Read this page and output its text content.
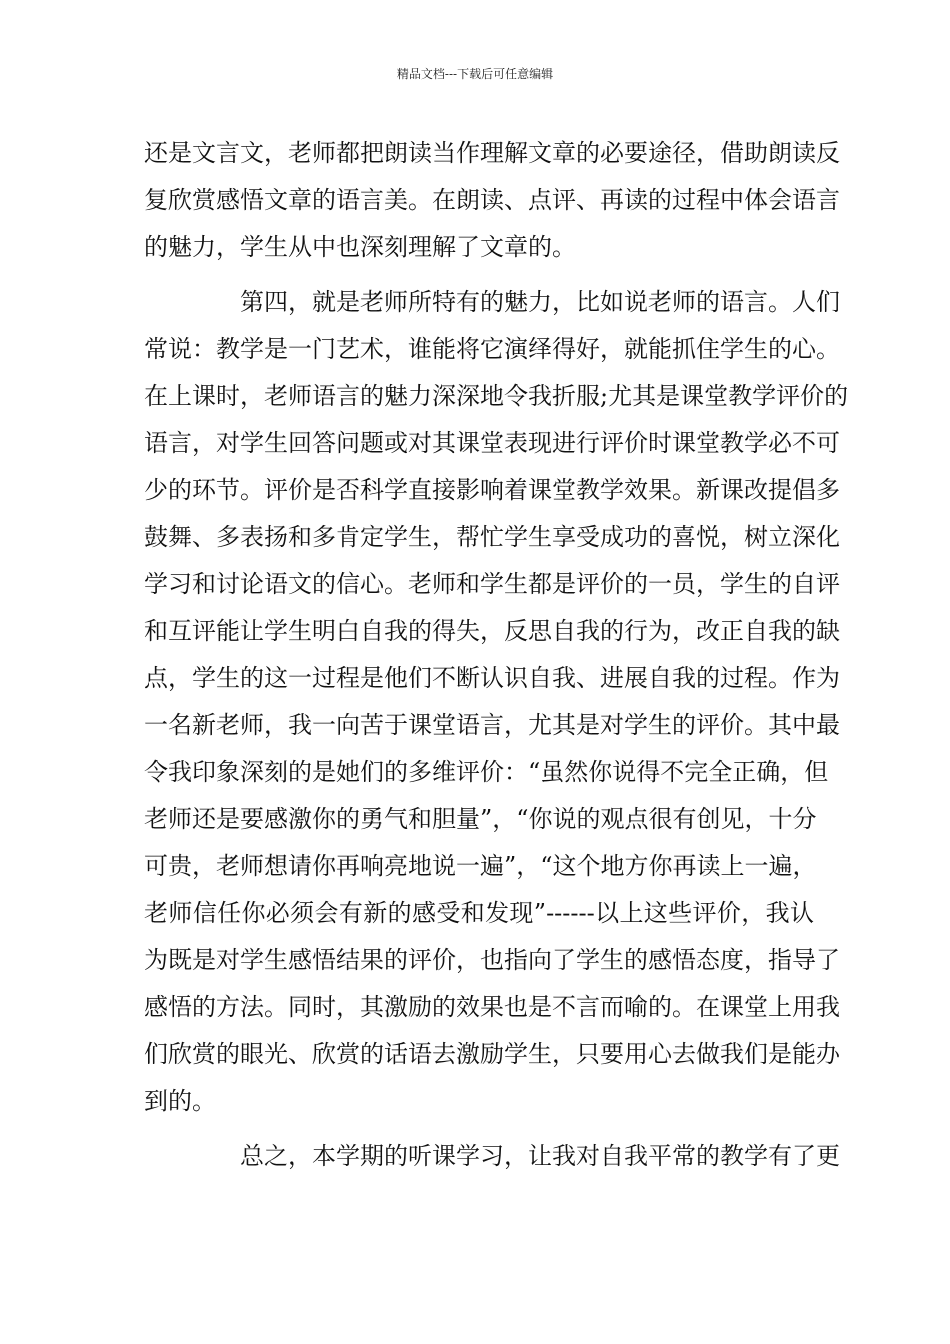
精品文档---下载后可任意编辑
还是文言文，老师都把朗读当作理解文章的必要途径，借助朗读反
复欣赏感悟文章的语言美。在朗读、点评、再读的过程中体会语言
的魅力，学生从中也深刻理解了文章的。
第四，就是老师所特有的魅力，比如说老师的语言。人们
常说：教学是一门艺术，谁能将它演绎得好，就能抓住学生的心。
在上课时，老师语言的魅力深深地令我折服;尤其是课堂教学评价的
语言，对学生回答问题或对其课堂表现进行评价时课堂教学必不可
少的环节。评价是否科学直接影响着课堂教学效果。新课改提倡多
鼓舞、多表扬和多肯定学生，帮忙学生享受成功的喜悦，树立深化
学习和讨论语文的信心。老师和学生都是评价的一员，学生的自评
和互评能让学生明白自我的得失，反思自我的行为，改正自我的缺
点，学生的这一过程是他们不断认识自我、进展自我的过程。作为
一名新老师，我一向苦于课堂语言，尤其是对学生的评价。其中最
令我印象深刻的是她们的多维评价：“虽然你说得不完全正确，但
老师还是要感激你的勇气和胆量”，“你说的观点很有创见，十分
可贵，老师想请你再响亮地说一遍”，“这个地方你再读上一遍，
老师信任你必须会有新的感受和发现”------以上这些评价，我认
为既是对学生感悟结果的评价，也指向了学生的感悟态度，指导了
感悟的方法。同时，其激励的效果也是不言而喻的。在课堂上用我
们欣赏的眼光、欣赏的话语去激励学生，只要用心去做我们是能办
到的。
总之，本学期的听课学习，让我对自我平常的教学有了更
